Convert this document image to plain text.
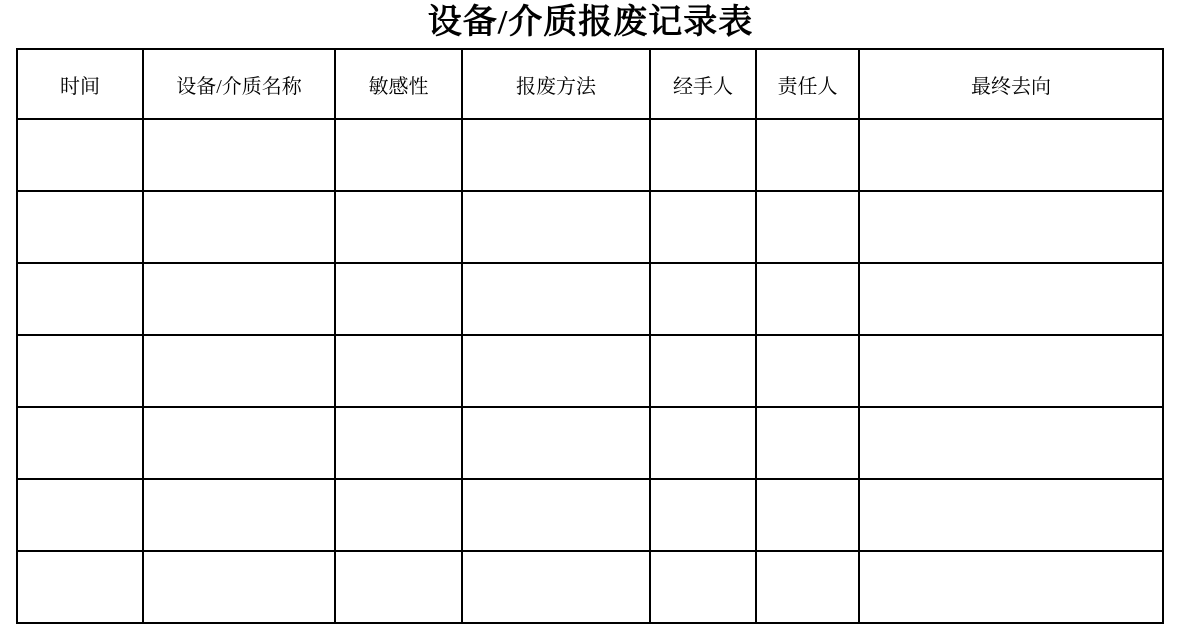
设备/介质报废记录表
时间	设备/介质名称	敏感性	报废方法	经手人	责任人	最终去向
